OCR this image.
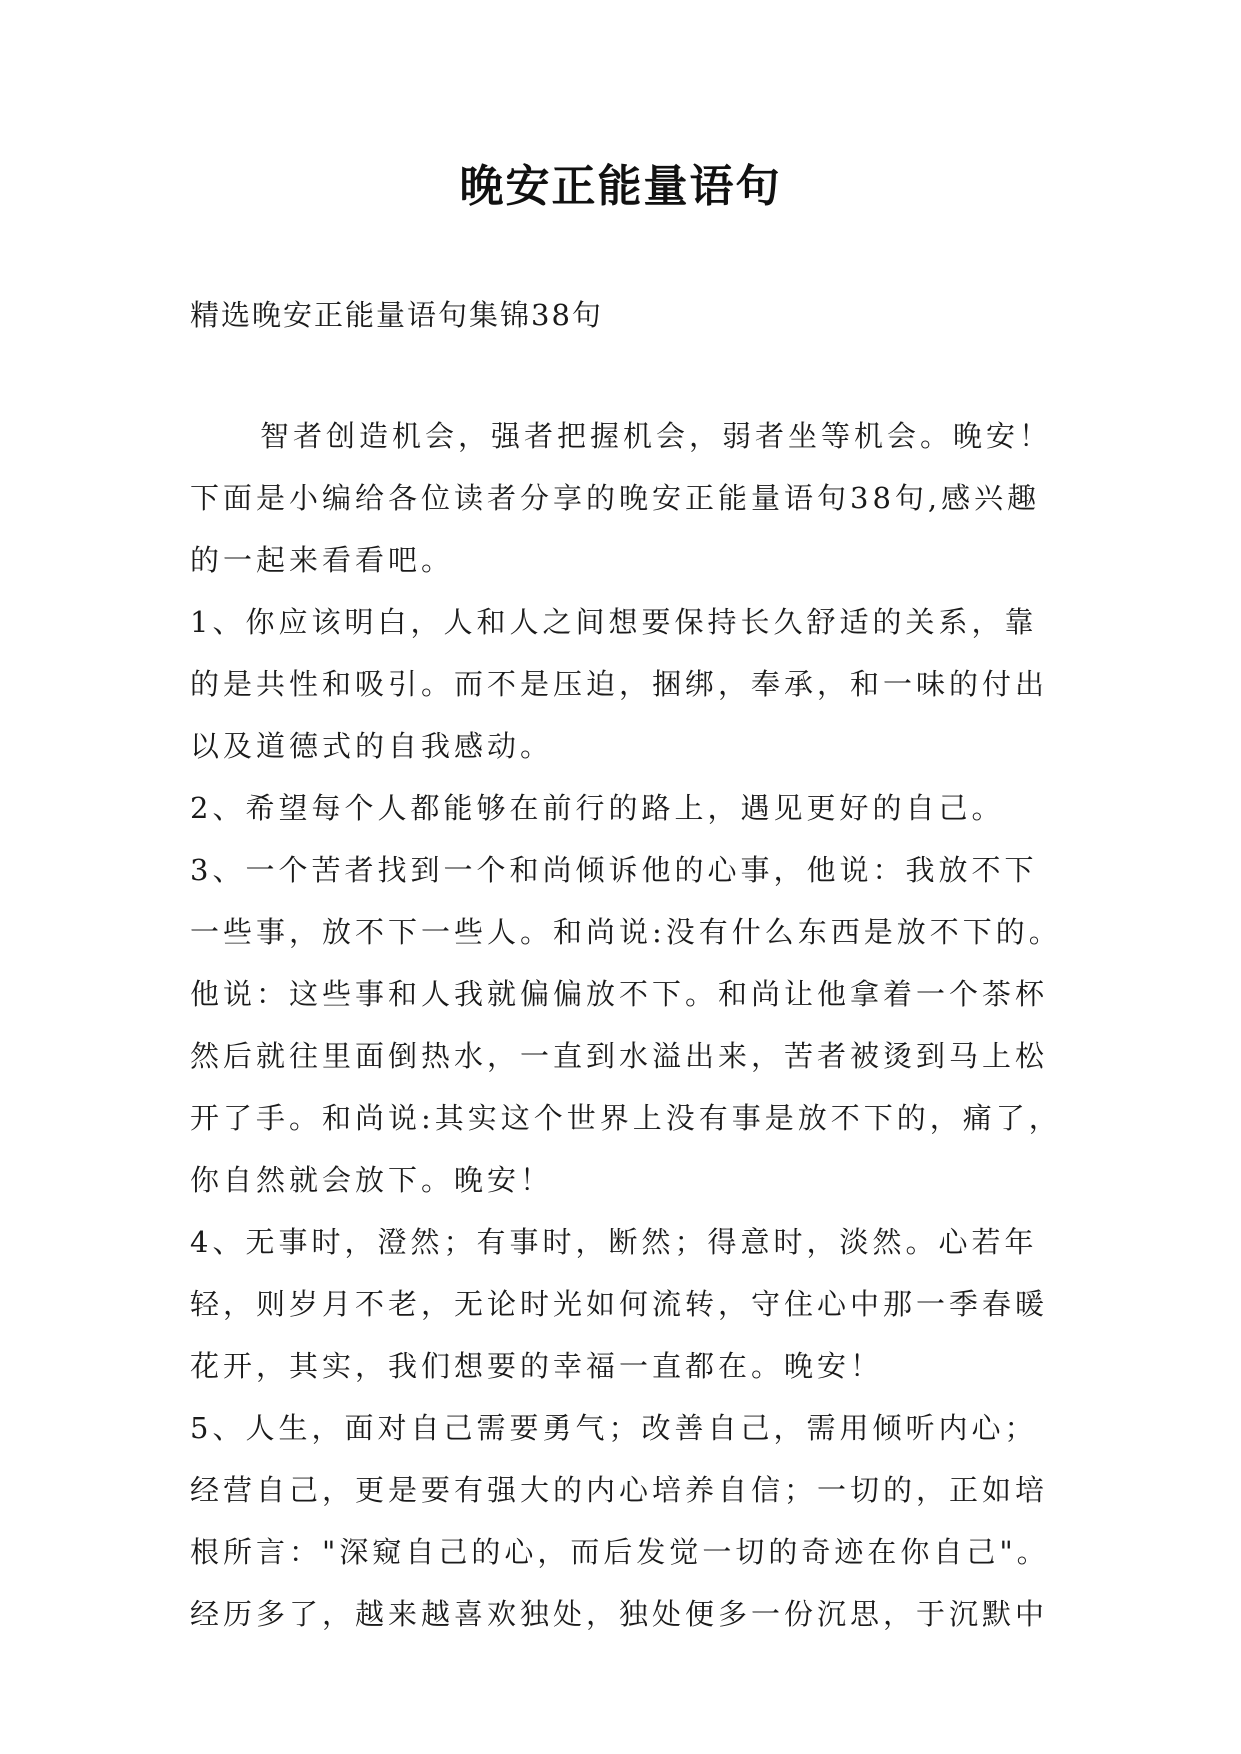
晚安正能量语句

精选晚安正能量语句集锦38句

智者创造机会，强者把握机会，弱者坐等机会。晚安！
下面是小编给各位读者分享的晚安正能量语句38句,感兴趣
的一起来看看吧。
1、你应该明白，人和人之间想要保持长久舒适的关系，靠
的是共性和吸引。而不是压迫，捆绑，奉承，和一味的付出
以及道德式的自我感动。
2、希望每个人都能够在前行的路上，遇见更好的自己。
3、一个苦者找到一个和尚倾诉他的心事，他说：我放不下
一些事，放不下一些人。和尚说:没有什么东西是放不下的。
他说：这些事和人我就偏偏放不下。和尚让他拿着一个茶杯
然后就往里面倒热水，一直到水溢出来，苦者被烫到马上松
开了手。和尚说:其实这个世界上没有事是放不下的，痛了，
你自然就会放下。晚安！
4、无事时，澄然；有事时，断然；得意时，淡然。心若年
轻，则岁月不老，无论时光如何流转，守住心中那一季春暖
花开，其实，我们想要的幸福一直都在。晚安！
5、人生，面对自己需要勇气；改善自己，需用倾听内心；
经营自己，更是要有强大的内心培养自信；一切的，正如培
根所言："深窥自己的心，而后发觉一切的奇迹在你自己"。
经历多了，越来越喜欢独处，独处便多一份沉思，于沉默中
